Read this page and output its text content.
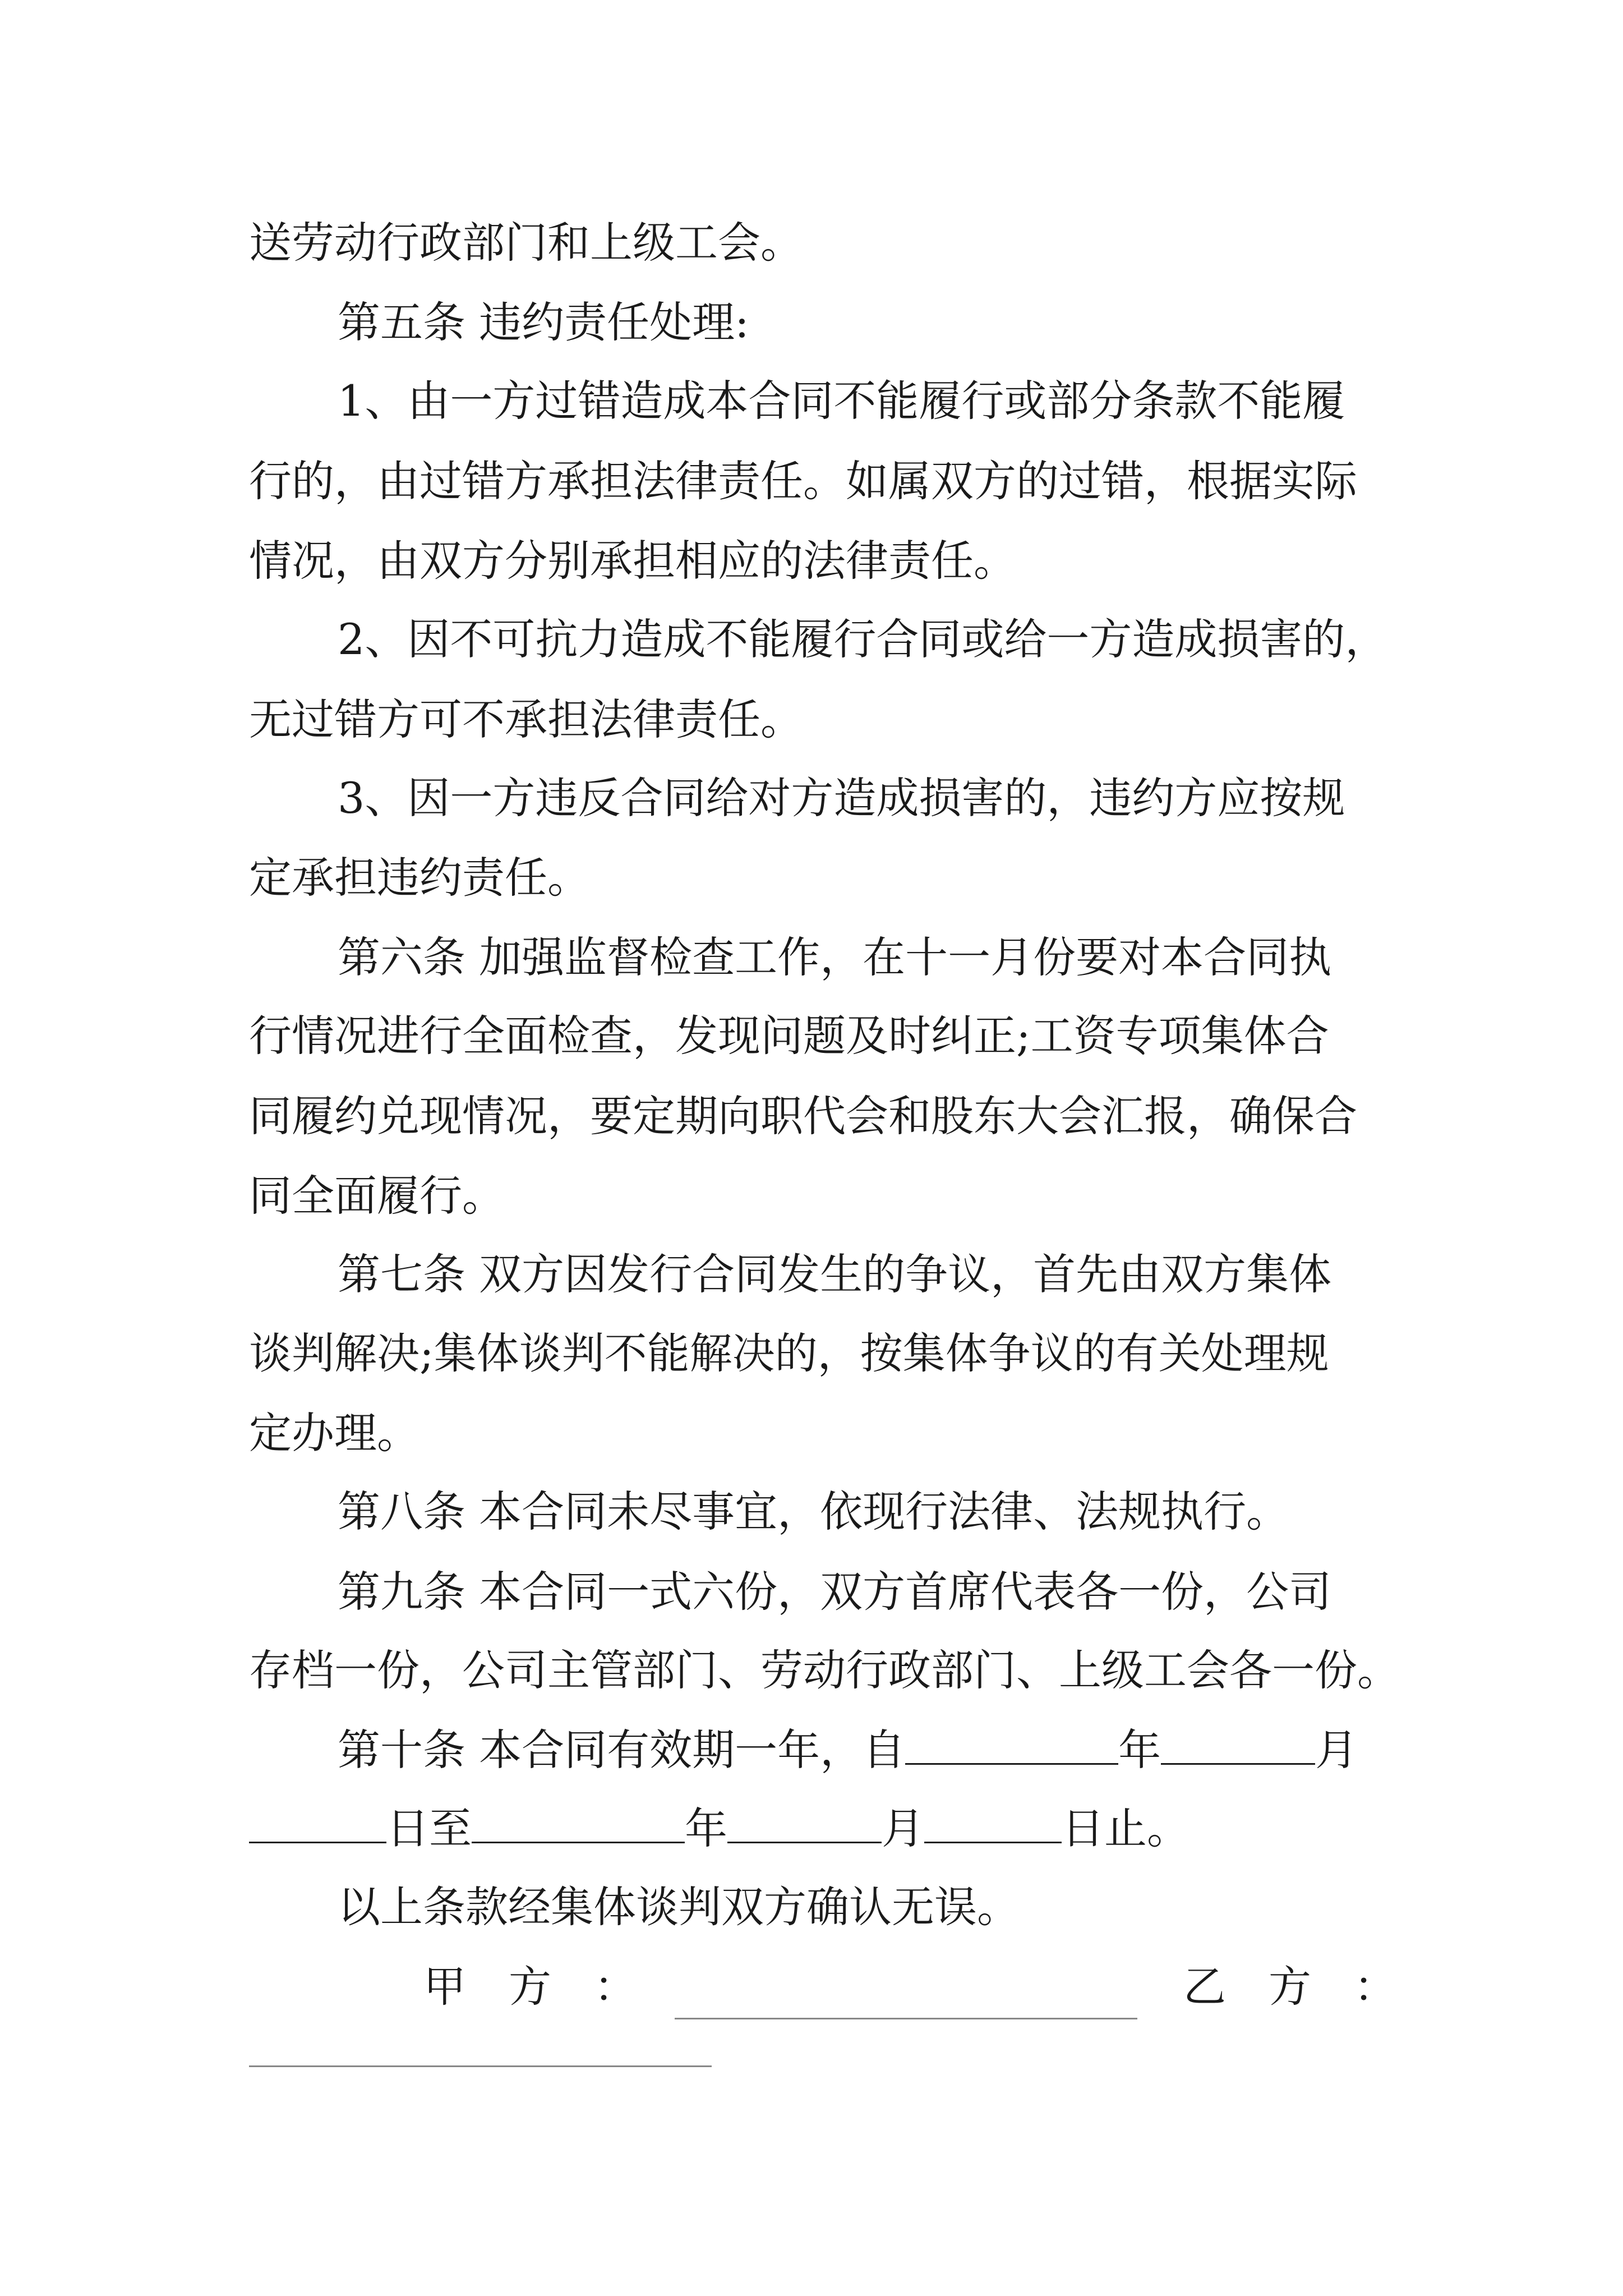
送劳动行政部门和上级工会。
第五条 违约责任处理:
1、由一方过错造成本合同不能履行或部分条款不能履
行的，由过错方承担法律责任。如属双方的过错，根据实际
情况，由双方分别承担相应的法律责任。
2、因不可抗力造成不能履行合同或给一方造成损害的，
无过错方可不承担法律责任。
3、因一方违反合同给对方造成损害的，违约方应按规
定承担违约责任。
第六条 加强监督检查工作，在十一月份要对本合同执
行情况进行全面检查，发现问题及时纠正;工资专项集体合
同履约兑现情况，要定期向职代会和股东大会汇报，确保合
同全面履行。
第七条 双方因发行合同发生的争议，首先由双方集体
谈判解决;集体谈判不能解决的，按集体争议的有关处理规
定办理。
第八条 本合同未尽事宜，依现行法律、法规执行。
第九条 本合同一式六份，双方首席代表各一份，公司
存档一份，公司主管部门、劳动行政部门、上级工会各一份。
第十条 本合同有效期一年，自	年	月
日至	年	月	日止。
以上条款经集体谈判双方确认无误。
甲　方　：	乙　方　：
